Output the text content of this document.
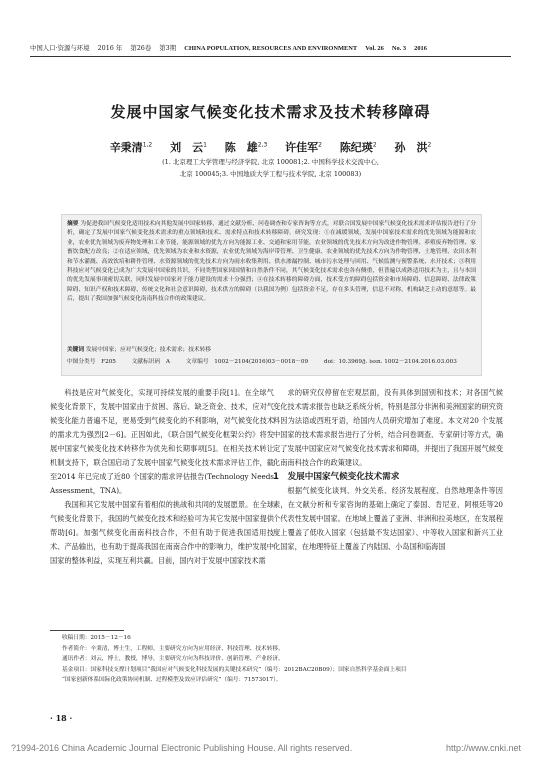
中国人口·资源与环境 2016 年 第26卷 第3期 CHINA POPULATION, RESOURCES AND ENVIRONMENT Vol. 26 No. 3 2016
发展中国家气候变化技术需求及技术转移障碍
辛秉清$^{1,2}$ 刘　云$^1$ 陈　雄$^{2,3}$ 许佳军$^2$ 陈纪瑛$^2$ 孙　洪$^2$
(1. 北京理工大学管理与经济学院, 北京 100081;2. 中国科学技术交流中心,
北京 100045;3. 中国地质大学工程与技术学院, 北京 100083)
摘要 为促进我国气候变化适用技术向其他发展中国家转移，通过文献分析、问卷调查和专家咨询等方式，对联合国发展中国家气候变化技术需求评估报告进行了分析，确定了发展中国家气候变化技术需求的重点领域和技术、需求特点和技术转移障碍。研究发现：①在减缓领域，发展中国家技术需求的优先领域为能源和农业，农业优先领域为废弃物处理和工业节能，能源领域的优先方向为能源工业、交通和家用节能，农业领域的优先技术方向为改进作物管理、养殖废弃物管理、家畜饮食配方改良；②在适应领域，优先领域为农业和水资源，农业优先领域为海岸带管理、卫生健康、农业领域的优先技术方向为作物管理、土地管理、农田水利和节水灌溉、高效饮培和耕作管理、水资源领域的优先技术方向为雨水收集利用、供水渗漏控制、城市污水处理与回用、气候监测与预警系统、水开技术；③利用科技应对气候变化已成为广大发展中国家的共识，不同类型国家因国情和自然条件不同，其气候变化技术需求也各有侧重，但普遍以成熟适用技术为主，且与本国的优先发展事项密切关联，同时发展中国家对于能力建设的需求十分强烈；④在技术转移的障碍方面，技术受方的障碍包括资金和市场障碍、信息障碍、法律政策障碍、知识产权和技术障碍、传统文化和社会意识障碍，技术供方的障碍（以我国为例）包括资金不足，存在多头管理，信息不对称，机构缺乏主动的意愿等。最后，提出了我国加强气候变化南南科技合作的政策建议。
关键词 发展中国家；应对气候变化；技术需求；技术转移
中图分类号　F205	文献标识码　A	文章编号　1002－2104(2016)03－0018－09	doi：10.3969/j. issn. 1002－2104.2016.03.003

科技是应对气候变化，实现可持续发展的重要手段[1]。在全球气候变化背景下，发展中国家由于贫困、落后、缺乏资金、技术，应对气候变化能力普遍不足，更易受到气候变化的不利影响，对气候变化技术的需求尤为强烈[2－6]。正因如此，《联合国气候变化框架公约》将发展中国家气候变化技术转移作为优先和长期事项[5]。在相关技术转让机制支持下，联合国启动了发展中国家气候变化技术需求评估工作，截至2014 年已完成了近80 个国家的需求评估报告(Technology Needs Assessment，TNA)。

我国和其它发展中国家有着相似的挑战和共同的发展愿景。在全球气候变化背景下，我国的气候变化技术和经验可为其它发展中国家提供帮助[6]。加强气候变化南南科技合作，不但有助于促进我国适用技术、产品输出，也有助于提高我国在南南合作中的影响力，维护发展中国家的整体利益，实现互利共赢。目前，国内对于发展中国家技术需

求的研究仅停留在宏观层面，没有具体到国别和技术；对各国气候变化技术需求报告也缺乏系统分析，特别是部分非洲和美洲国家的研究资料因为法语或西班牙语，给国内人员研究增加了难度。本文对20 个发展中国家的技术需求报告进行了分析，结合问卷调查、专家研讨等方式，确定了发展中国家应对气候变化技术需求和障碍，并提出了我国开展气候变化南南科技合作的政策建议。

1　发展中国家气候变化技术需求

根据气候变化谈判、外交关系、经济发展程度、自然地理条件等因素，在文献分析和专家咨询的基础上确定了泰国、肯尼亚、阿根廷等20 个代表性发展中国家。在地域上覆盖了亚洲、非洲和拉美地区，在发展程度上覆盖了低收入国家（包括最不发达国家）、中等收入国家和新兴工业化国家，在地理特征上覆盖了内陆国、小岛国和临海国

收稿日期：2015－12－16
作者简介：辛秉清，博士生，工程师，主要研究方向为应用经济、科技管理、技术转移。
通讯作者：刘云，博士，教授，博导，主要研究方向为科技评价、创新管理、产业经济。
基金项目：国家科技支撑计划项目“我国应对气候变化科技发展的关键技术研究”（编号：2012BAC20B09）；国家自然科学基金面上项目
“国家创新体系国际化政策协同机制、过程模型及效应评估研究”（编号：71573017）。
· 18 ·
?1994-2016 China Academic Journal Electronic Publishing House. All rights reserved.	http://www.cnki.net
